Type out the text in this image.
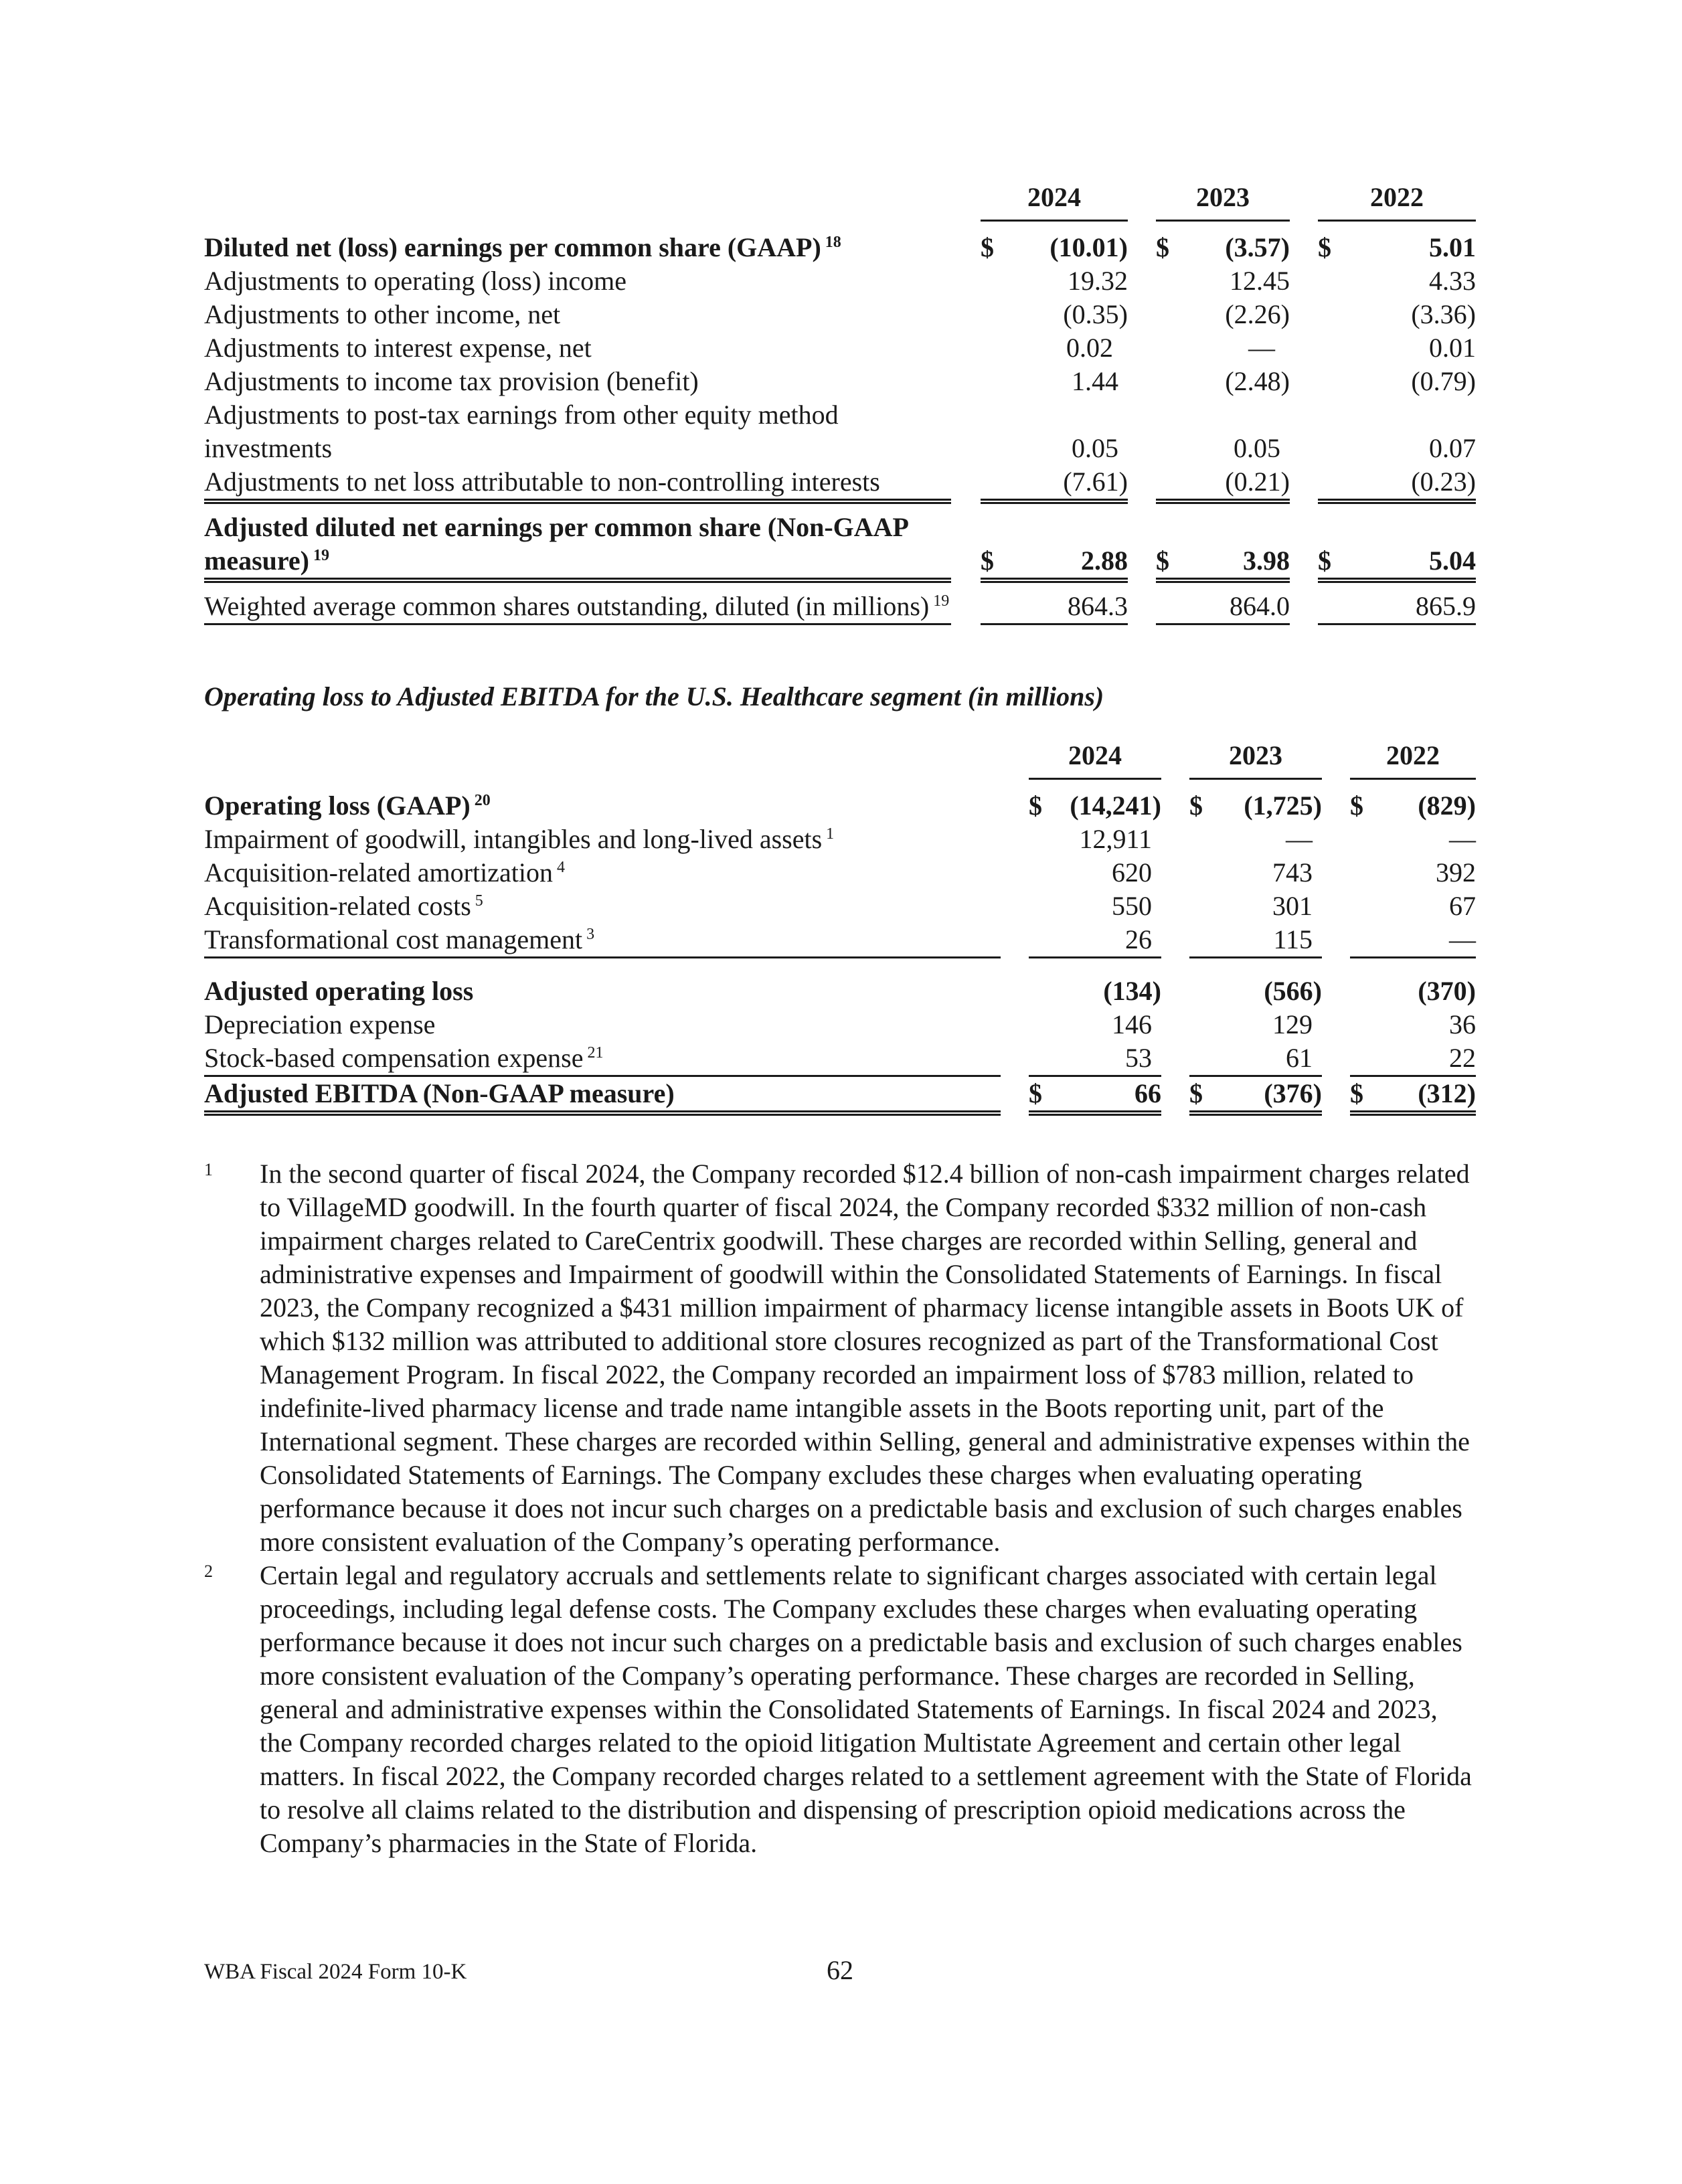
		2024			2023			2022	

Diluted net (loss) earnings per common share (GAAP) $^{18}$		$	(10.01)		$	(3.57)		$	5.01
Adjustments to operating (loss) income			19.32			12.45			4.33
Adjustments to other income, net			(0.35)			(2.26)			(3.36)
Adjustments to interest expense, net			0.02			—			0.01
Adjustments to income tax provision (benefit)			1.44			(2.48)			(0.79)
Adjustments to post-tax earnings from other equity method investments			0.05			0.05			0.07
Adjustments to net loss attributable to non-controlling interests			(7.61)			(0.21)			(0.23)

Adjusted diluted net earnings per common share (Non-GAAP measure) $^{19}$		$	2.88		$	3.98		$	5.04

Weighted average common shares outstanding, diluted (in millions) $^{19}$			864.3			864.0			865.9
Operating loss to Adjusted EBITDA for the U.S. Healthcare segment (in millions)
		2024			2023			2022	

Operating loss (GAAP) $^{20}$		$	(14,241)		$	(1,725)		$	(829)
Impairment of goodwill, intangibles and long-lived assets $^1$			12,911			—			—
Acquisition-related amortization $^4$			620			743			392
Acquisition-related costs $^5$			550			301			67
Transformational cost management $^3$			26			115			—

Adjusted operating loss			(134)			(566)			(370)
Depreciation expense			146			129			36
Stock-based compensation expense $^{21}$			53			61			22
Adjusted EBITDA (Non-GAAP measure)		$	66		$	(376)		$	(312)
1 In the second quarter of fiscal 2024, the Company recorded $12.4 billion of non-cash impairment charges related to VillageMD goodwill. In the fourth quarter of fiscal 2024, the Company recorded $332 million of non-cash impairment charges related to CareCentrix goodwill. These charges are recorded within Selling, general and administrative expenses and Impairment of goodwill within the Consolidated Statements of Earnings. In fiscal 2023, the Company recognized a $431 million impairment of pharmacy license intangible assets in Boots UK of which $132 million was attributed to additional store closures recognized as part of the Transformational Cost Management Program. In fiscal 2022, the Company recorded an impairment loss of $783 million, related to indefinite-lived pharmacy license and trade name intangible assets in the Boots reporting unit, part of the International segment. These charges are recorded within Selling, general and administrative expenses within the Consolidated Statements of Earnings. The Company excludes these charges when evaluating operating performance because it does not incur such charges on a predictable basis and exclusion of such charges enables more consistent evaluation of the Company’s operating performance.
2 Certain legal and regulatory accruals and settlements relate to significant charges associated with certain legal proceedings, including legal defense costs. The Company excludes these charges when evaluating operating performance because it does not incur such charges on a predictable basis and exclusion of such charges enables more consistent evaluation of the Company’s operating performance. These charges are recorded in Selling, general and administrative expenses within the Consolidated Statements of Earnings. In fiscal 2024 and 2023, the Company recorded charges related to the opioid litigation Multistate Agreement and certain other legal matters. In fiscal 2022, the Company recorded charges related to a settlement agreement with the State of Florida to resolve all claims related to the distribution and dispensing of prescription opioid medications across the Company’s pharmacies in the State of Florida.
WBA Fiscal 2024 Form 10-K	62
